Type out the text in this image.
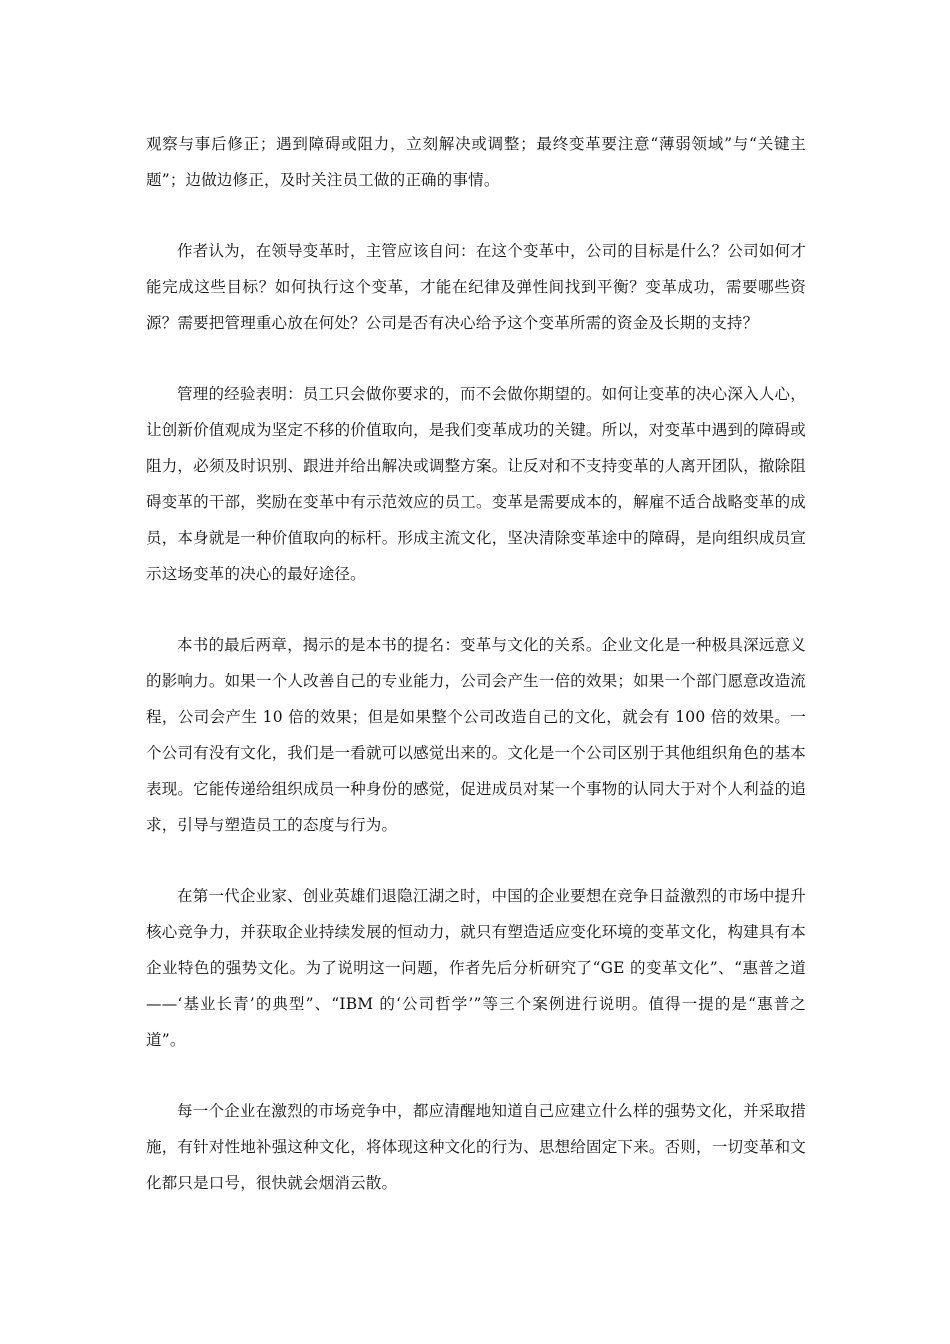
观察与事后修正；遇到障碍或阻力，立刻解决或调整；最终变革要注意“薄弱领域”与“关键主题”；边做边修正，及时关注员工做的正确的事情。

作者认为，在领导变革时，主管应该自问：在这个变革中，公司的目标是什么？公司如何才能完成这些目标？如何执行这个变革，才能在纪律及弹性间找到平衡？变革成功，需要哪些资源？需要把管理重心放在何处？公司是否有决心给予这个变革所需的资金及长期的支持？

管理的经验表明：员工只会做你要求的，而不会做你期望的。如何让变革的决心深入人心，让创新价值观成为坚定不移的价值取向，是我们变革成功的关键。所以，对变革中遇到的障碍或阻力，必须及时识别、跟进并给出解决或调整方案。让反对和不支持变革的人离开团队，撤除阻碍变革的干部，奖励在变革中有示范效应的员工。变革是需要成本的，解雇不适合战略变革的成员，本身就是一种价值取向的标杆。形成主流文化，坚决清除变革途中的障碍，是向组织成员宣示这场变革的决心的最好途径。

本书的最后两章，揭示的是本书的提名：变革与文化的关系。企业文化是一种极具深远意义的影响力。如果一个人改善自己的专业能力，公司会产生一倍的效果；如果一个部门愿意改造流程，公司会产生 10 倍的效果；但是如果整个公司改造自己的文化，就会有 100 倍的效果。一个公司有没有文化，我们是一看就可以感觉出来的。文化是一个公司区别于其他组织角色的基本表现。它能传递给组织成员一种身份的感觉，促进成员对某一个事物的认同大于对个人利益的追求，引导与塑造员工的态度与行为。

在第一代企业家、创业英雄们退隐江湖之时，中国的企业要想在竞争日益激烈的市场中提升核心竞争力，并获取企业持续发展的恒动力，就只有塑造适应变化环境的变革文化，构建具有本企业特色的强势文化。为了说明这一问题，作者先后分析研究了“GE 的变革文化”、“惠普之道——‘基业长青’的典型”、“IBM 的‘公司哲学’”等三个案例进行说明。值得一提的是“惠普之道”。

每一个企业在激烈的市场竞争中，都应清醒地知道自己应建立什么样的强势文化，并采取措施，有针对性地补强这种文化，将体现这种文化的行为、思想给固定下来。否则，一切变革和文化都只是口号，很快就会烟消云散。
